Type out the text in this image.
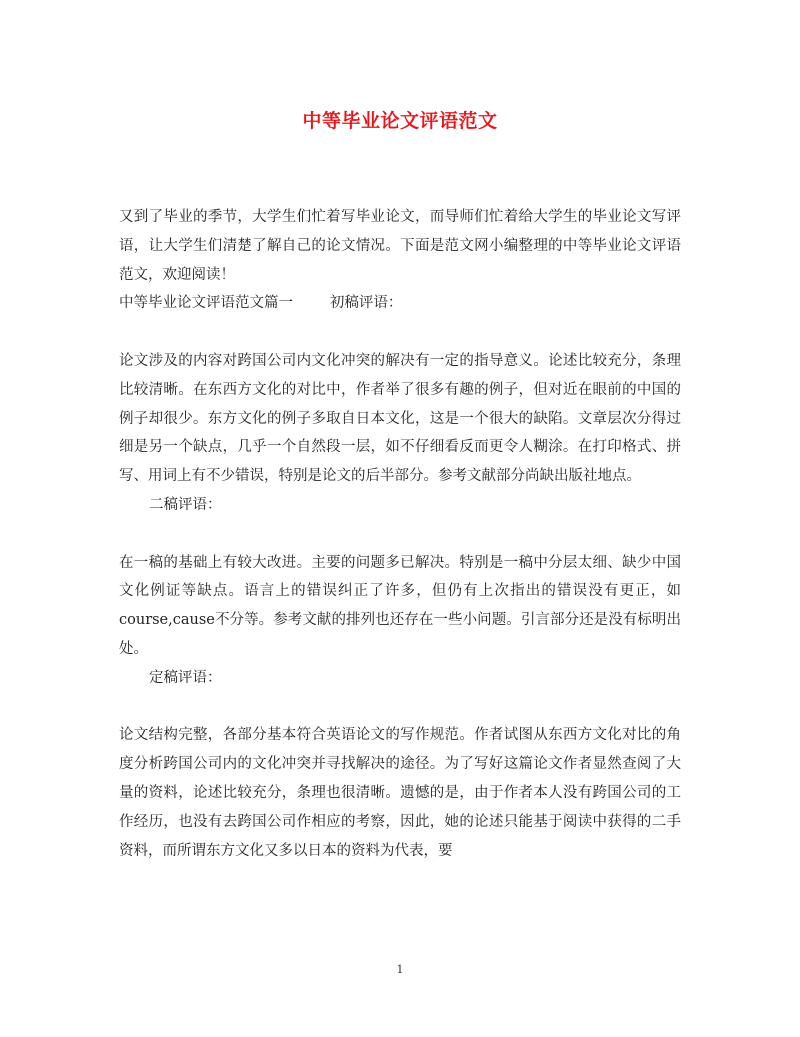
中等毕业论文评语范文

又到了毕业的季节，大学生们忙着写毕业论文，而导师们忙着给大学生的毕业论文写评语，让大学生们清楚了解自己的论文情况。下面是范文网小编整理的中等毕业论文评语范文，欢迎阅读！

中等毕业论文评语范文篇一	初稿评语：

论文涉及的内容对跨国公司内文化冲突的解决有一定的指导意义。论述比较充分，条理比较清晰。在东西方文化的对比中，作者举了很多有趣的例子，但对近在眼前的中国的例子却很少。东方文化的例子多取自日本文化，这是一个很大的缺陷。文章层次分得过细是另一个缺点，几乎一个自然段一层，如不仔细看反而更令人糊涂。在打印格式、拼写、用词上有不少错误，特别是论文的后半部分。参考文献部分尚缺出版社地点。

二稿评语：

在一稿的基础上有较大改进。主要的问题多已解决。特别是一稿中分层太细、缺少中国文化例证等缺点。语言上的错误纠正了许多，但仍有上次指出的错误没有更正，如course,cause不分等。参考文献的排列也还存在一些小问题。引言部分还是没有标明出处。

定稿评语：

论文结构完整，各部分基本符合英语论文的写作规范。作者试图从东西方文化对比的角度分析跨国公司内的文化冲突并寻找解决的途径。为了写好这篇论文作者显然查阅了大量的资料，论述比较充分，条理也很清晰。遗憾的是，由于作者本人没有跨国公司的工作经历，也没有去跨国公司作相应的考察，因此，她的论述只能基于阅读中获得的二手资料，而所谓东方文化又多以日本的资料为代表，要

1
